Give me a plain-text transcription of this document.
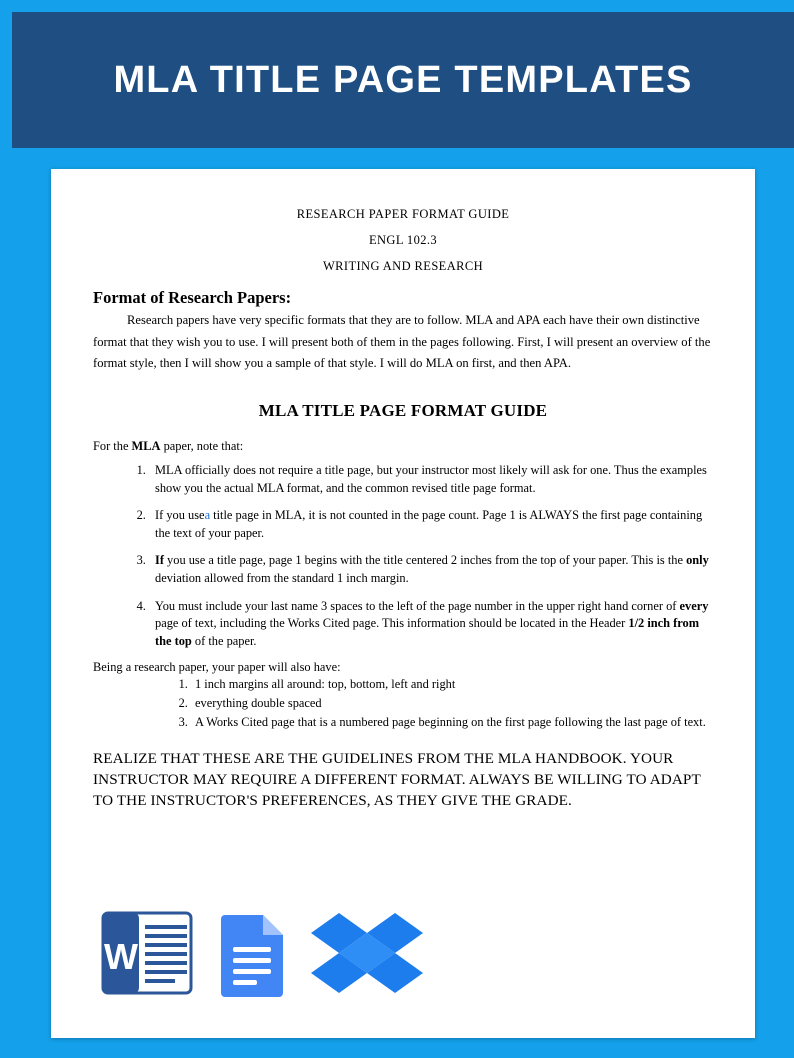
MLA TITLE PAGE TEMPLATES
RESEARCH PAPER FORMAT GUIDE
ENGL 102.3
WRITING AND RESEARCH
Format of Research Papers:

Research papers have very specific formats that they are to follow. MLA and APA each have their own distinctive format that they wish you to use. I will present both of them in the pages following. First, I will present an overview of the format style, then I will show you a sample of that style. I will do MLA on first, and then APA.

MLA TITLE PAGE FORMAT GUIDE

For the MLA paper, note that:

1. MLA officially does not require a title page, but your instructor most likely will ask for one. Thus the examples show you the actual MLA format, and the common revised title page format.
2. If you usea title page in MLA, it is not counted in the page count. Page 1 is ALWAYS the first page containing the text of your paper.
3. If you use a title page, page 1 begins with the title centered 2 inches from the top of your paper. This is the only deviation allowed from the standard 1 inch margin.
4. You must include your last name 3 spaces to the left of the page number in the upper right hand corner of every page of text, including the Works Cited page. This information should be located in the Header 1/2 inch from the top of the paper.

Being a research paper, your paper will also have:

1. 1 inch margins all around: top, bottom, left and right
2. everything double spaced
3. A Works Cited page that is a numbered page beginning on the first page following the last page of text.
REALIZE THAT THESE ARE THE GUIDELINES FROM THE MLA HANDBOOK. YOUR INSTRUCTOR MAY REQUIRE A DIFFERENT FORMAT. ALWAYS BE WILLING TO ADAPT TO THE INSTRUCTOR'S PREFERENCES, AS THEY GIVE THE GRADE.
W
